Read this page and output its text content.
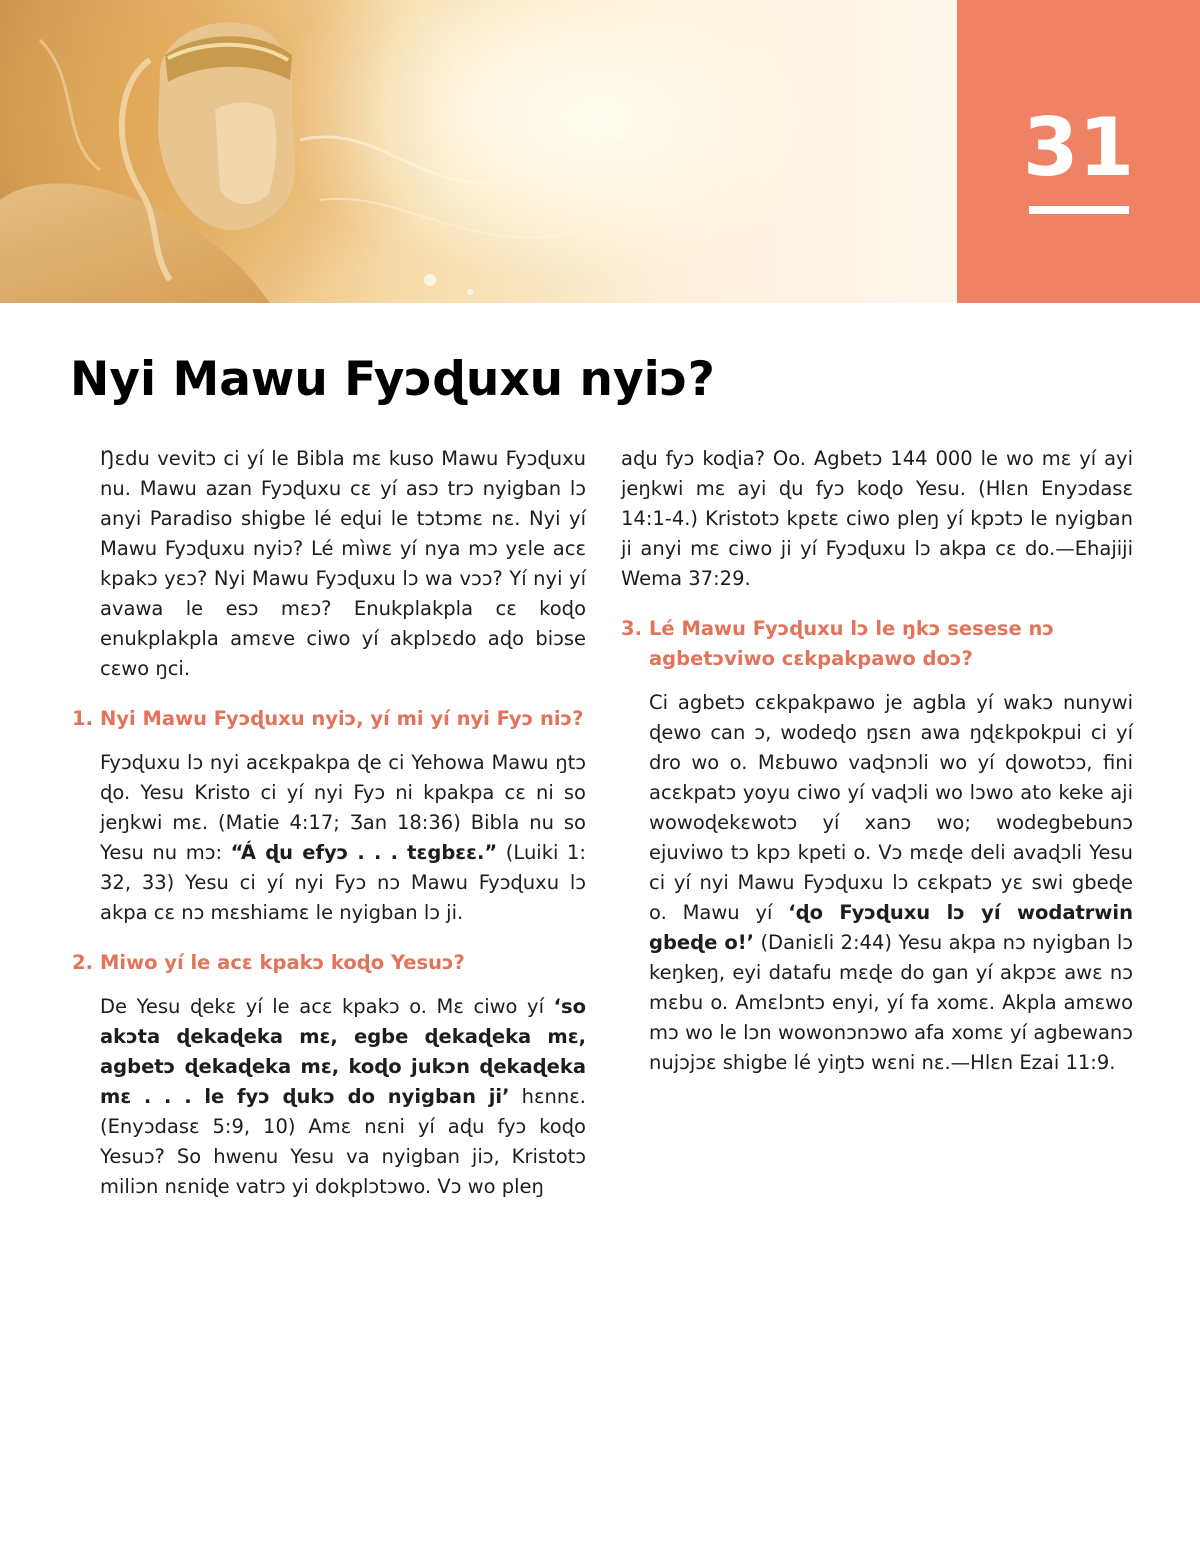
31
Nyi Mawu Fyɔɖuxu nyiɔ?

Ŋɛdu vevitɔ ci yí le Bibla mɛ kuso Mawu Fyɔɖuxu nu. Mawu azan Fyɔɖuxu cɛ yí asɔ trɔ nyigban lɔ anyi Paradiso shigbe lé eɖui le tɔtɔmɛ nɛ. Nyi yí Mawu Fyɔɖuxu nyiɔ? Lé mìwɛ yí nya mɔ yɛle acɛ kpakɔ yɛɔ? Nyi Mawu Fyɔɖuxu lɔ wa vɔɔ? Yí nyi yí avawa le esɔ mɛɔ? Enukplakpla cɛ koɖo enukplakpla amɛve ciwo yí akplɔɛdo aɖo biɔse cɛwo ŋci.

1. Nyi Mawu Fyɔɖuxu nyiɔ, yí mi yí nyi Fyɔ niɔ?

Fyɔɖuxu lɔ nyi acɛkpakpa ɖe ci Yehowa Mawu ŋtɔ ɖo. Yesu Kristo ci yí nyi Fyɔ ni kpakpa cɛ ni so jeŋkwi mɛ. (Matie 4:17; Ʒan 18:36) Bibla nu so Yesu nu mɔ: “Á ɖu efyɔ . . . tɛgbɛɛ.” (Luiki 1: 32, 33) Yesu ci yí nyi Fyɔ nɔ Mawu Fyɔɖuxu lɔ akpa cɛ nɔ mɛshiamɛ le nyigban lɔ ji.

2. Miwo yí le acɛ kpakɔ koɖo Yesuɔ?

De Yesu ɖekɛ yí le acɛ kpakɔ o. Mɛ ciwo yí ‘so akɔta ɖekaɖeka mɛ, egbe ɖekaɖeka mɛ, agbetɔ ɖekaɖeka mɛ, koɖo jukɔn ɖekaɖeka mɛ . . . le fyɔ ɖukɔ do nyigban ji’ hɛnnɛ. (Enyɔdasɛ 5:9, 10) Amɛ nɛni yí aɖu fyɔ koɖo Yesuɔ? So hwenu Yesu va nyigban jiɔ, Kristotɔ miliɔn nɛniɖe vatrɔ yi dokplɔtɔwo. Vɔ wo pleŋ

aɖu fyɔ koɖia? Oo. Agbetɔ 144 000 le wo mɛ yí ayi jeŋkwi mɛ ayi ɖu fyɔ koɖo Yesu. (Hlɛn Enyɔdasɛ 14:1-4.) Kristotɔ kpɛtɛ ciwo pleŋ yí kpɔtɔ le nyigban ji anyi mɛ ciwo ji yí Fyɔɖuxu lɔ akpa cɛ do.—Ehajiji Wema 37:29.

3. Lé Mawu Fyɔɖuxu lɔ le ŋkɔ sesese nɔ agbetɔviwo cɛkpakpawo doɔ?

Ci agbetɔ cɛkpakpawo je agbla yí wakɔ nunywi ɖewo can ɔ, wodeɖo ŋsɛn awa ŋɖɛkpokpui ci yí dro wo o. Mɛbuwo vaɖɔnɔli wo yí ɖowotɔɔ, fini acɛkpatɔ yoyu ciwo yí vaɖɔli wo lɔwo ato keke aji wowoɖekɛwotɔ yí xanɔ wo; wodegbebunɔ ejuviwo tɔ kpɔ kpeti o. Vɔ mɛɖe deli avaɖɔli Yesu ci yí nyi Mawu Fyɔɖuxu lɔ cɛkpatɔ yɛ swi gbeɖe o. Mawu yí ‘ɖo Fyɔɖuxu lɔ yí wodatrwin gbeɖe o!’ (Daniɛli 2:44) Yesu akpa nɔ nyigban lɔ keŋkeŋ, eyi datafu mɛɖe do gan yí akpɔɛ awɛ nɔ mɛbu o. Amɛlɔntɔ enyi, yí fa xomɛ. Akpla amɛwo mɔ wo le lɔn wowonɔnɔwo afa xomɛ yí agbewanɔ nujɔjɔɛ shigbe lé yiŋtɔ wɛni nɛ.—Hlɛn Ezai 11:9.
